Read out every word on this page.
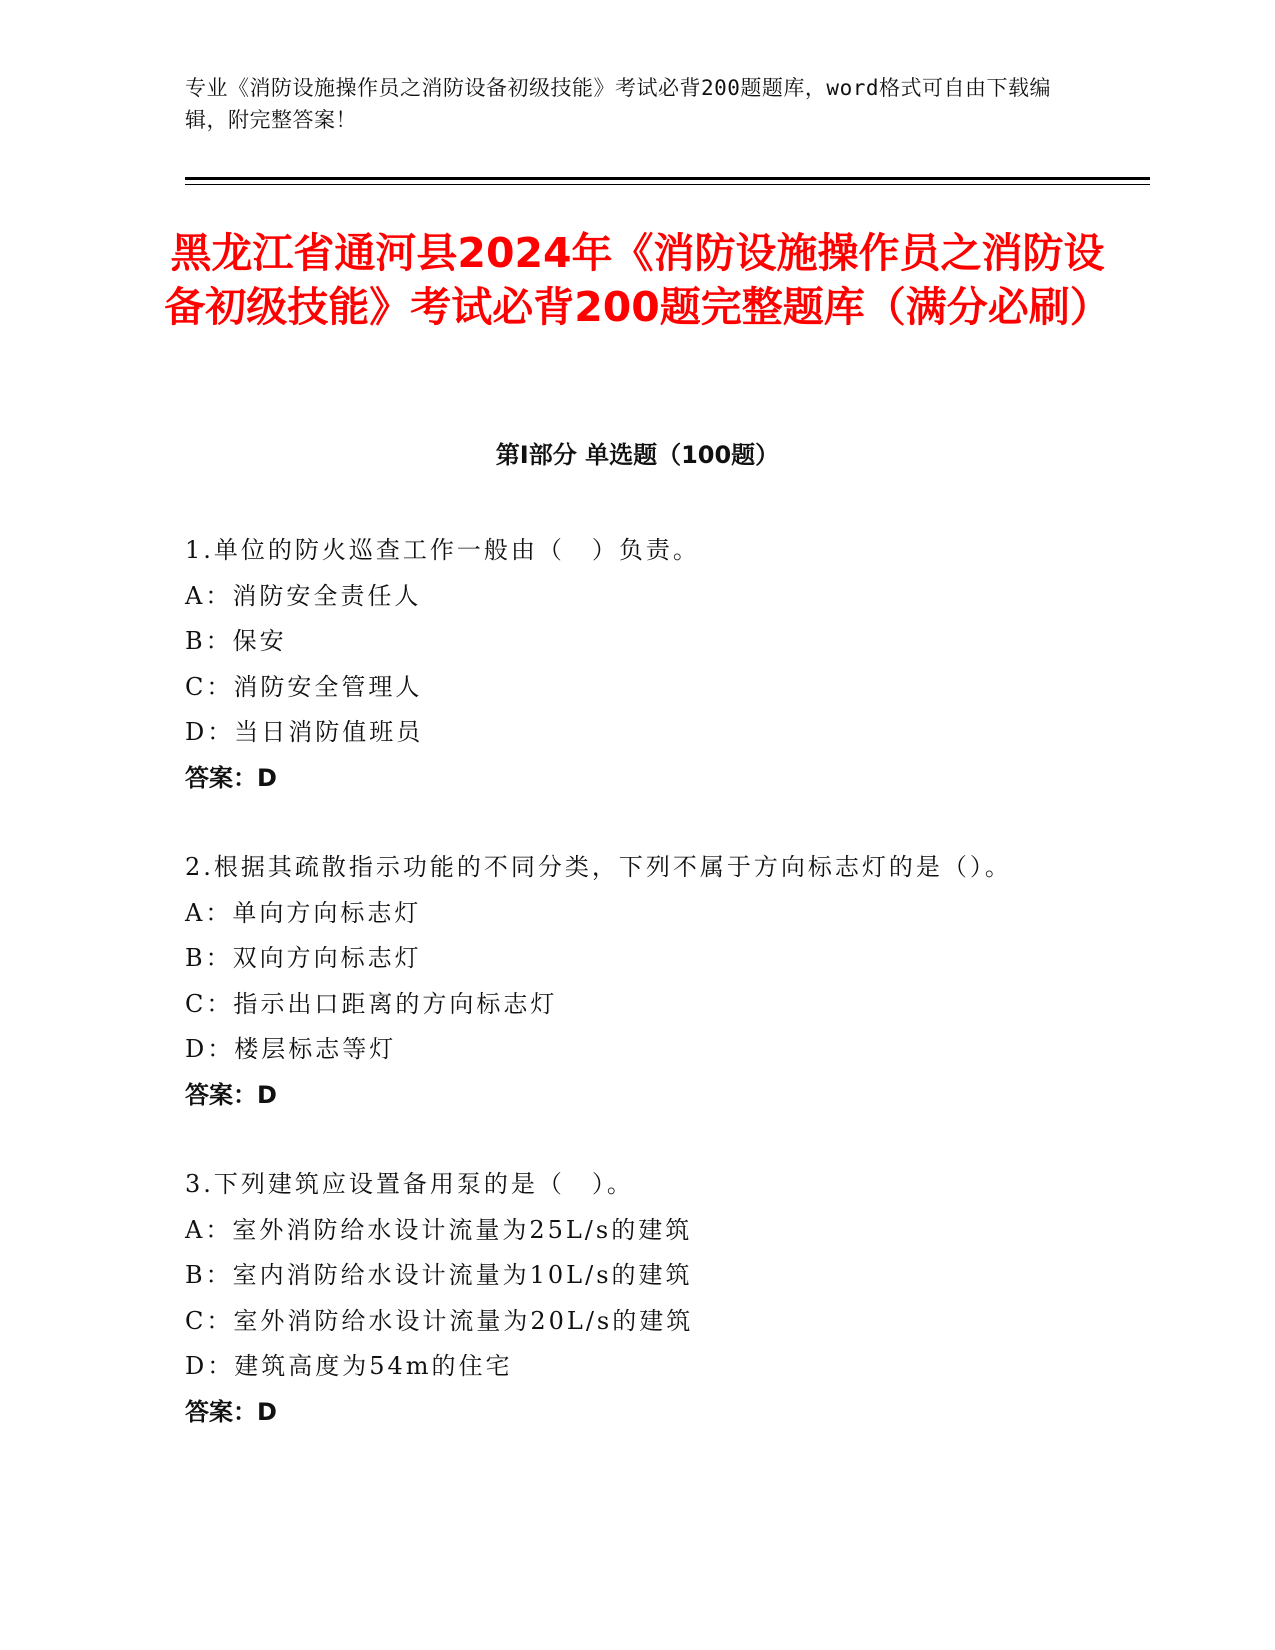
专业《消防设施操作员之消防设备初级技能》考试必背200题题库，word格式可自由下载编辑，附完整答案！
黑龙江省通河县2024年《消防设施操作员之消防设备初级技能》考试必背200题完整题库（满分必刷）
第I部分 单选题（100题）
1.单位的防火巡查工作一般由（　）负责。
A：消防安全责任人
B：保安
C：消防安全管理人
D：当日消防值班员
答案：D
2.根据其疏散指示功能的不同分类，下列不属于方向标志灯的是（）。
A：单向方向标志灯
B：双向方向标志灯
C：指示出口距离的方向标志灯
D：楼层标志等灯
答案：D
3.下列建筑应设置备用泵的是（　）。
A：室外消防给水设计流量为25L/s的建筑
B：室内消防给水设计流量为10L/s的建筑
C：室外消防给水设计流量为20L/s的建筑
D：建筑高度为54m的住宅
答案：D
